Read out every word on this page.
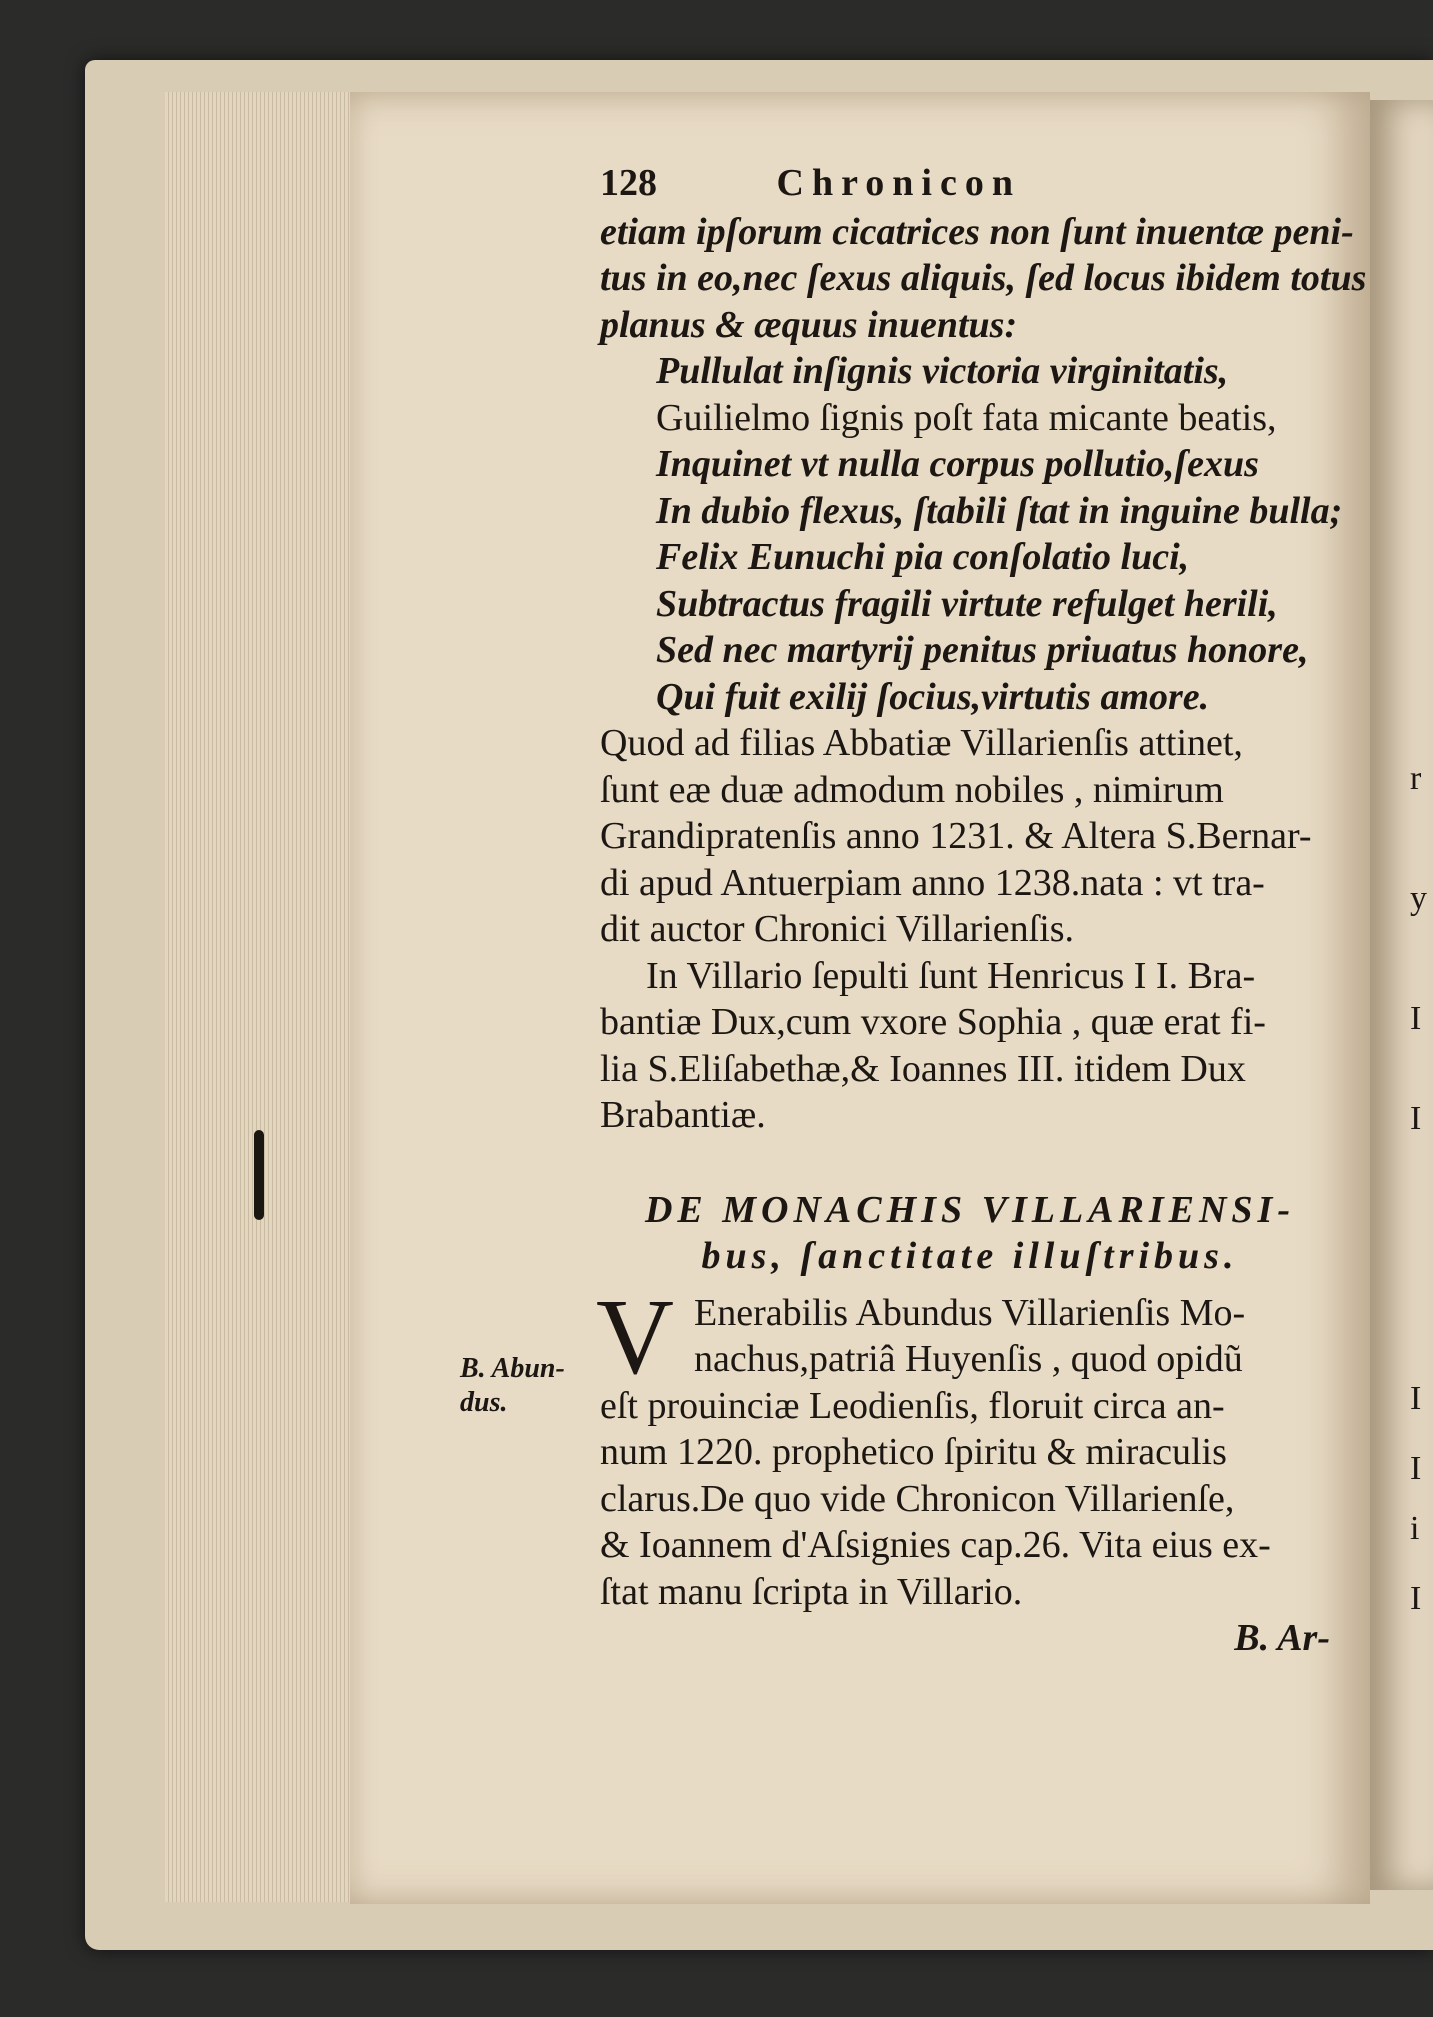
r
y
I
I
I
I
i
I
B. Abun-
dus.
128	Chronicon
etiam ipſorum cicatrices non ſunt inuentæ peni-
tus in eo,nec ſexus aliquis, ſed locus ibidem totus
planus & æquus inuentus:
Pullulat inſignis victoria virginitatis,
Guilielmo ſignis poſt fata micante beatis,
Inquinet vt nulla corpus pollutio,ſexus
In dubio flexus, ſtabili ſtat in inguine bulla;
Felix Eunuchi pia conſolatio luci,
Subtractus fragili virtute refulget herili,
Sed nec martyrij penitus priuatus honore,
Qui fuit exilij ſocius,virtutis amore.
Quod ad filias Abbatiæ Villarienſis attinet,
ſunt eæ duæ admodum nobiles , nimirum
Grandipratenſis anno 1231. & Altera S.Bernar-
di apud Antuerpiam anno 1238.nata : vt tra-
dit auctor Chronici Villarienſis.
In Villario ſepulti ſunt Henricus I I. Bra-
bantiæ Dux,cum vxore Sophia , quæ erat fi-
lia S.Eliſabethæ,& Ioannes III. itidem Dux
Brabantiæ.
DE MONACHIS VILLARIENSI-
bus, ſanctitate illuſtribus.
V Enerabilis Abundus Villarienſis Mo-
nachus,patriâ Huyenſis , quod opidũ
eſt prouinciæ Leodienſis, floruit circa an-
num 1220. prophetico ſpiritu & miraculis
clarus.De quo vide Chronicon Villarienſe,
& Ioannem d'Aſsignies cap.26. Vita eius ex-
ſtat manu ſcripta in Villario.
B. Ar-
